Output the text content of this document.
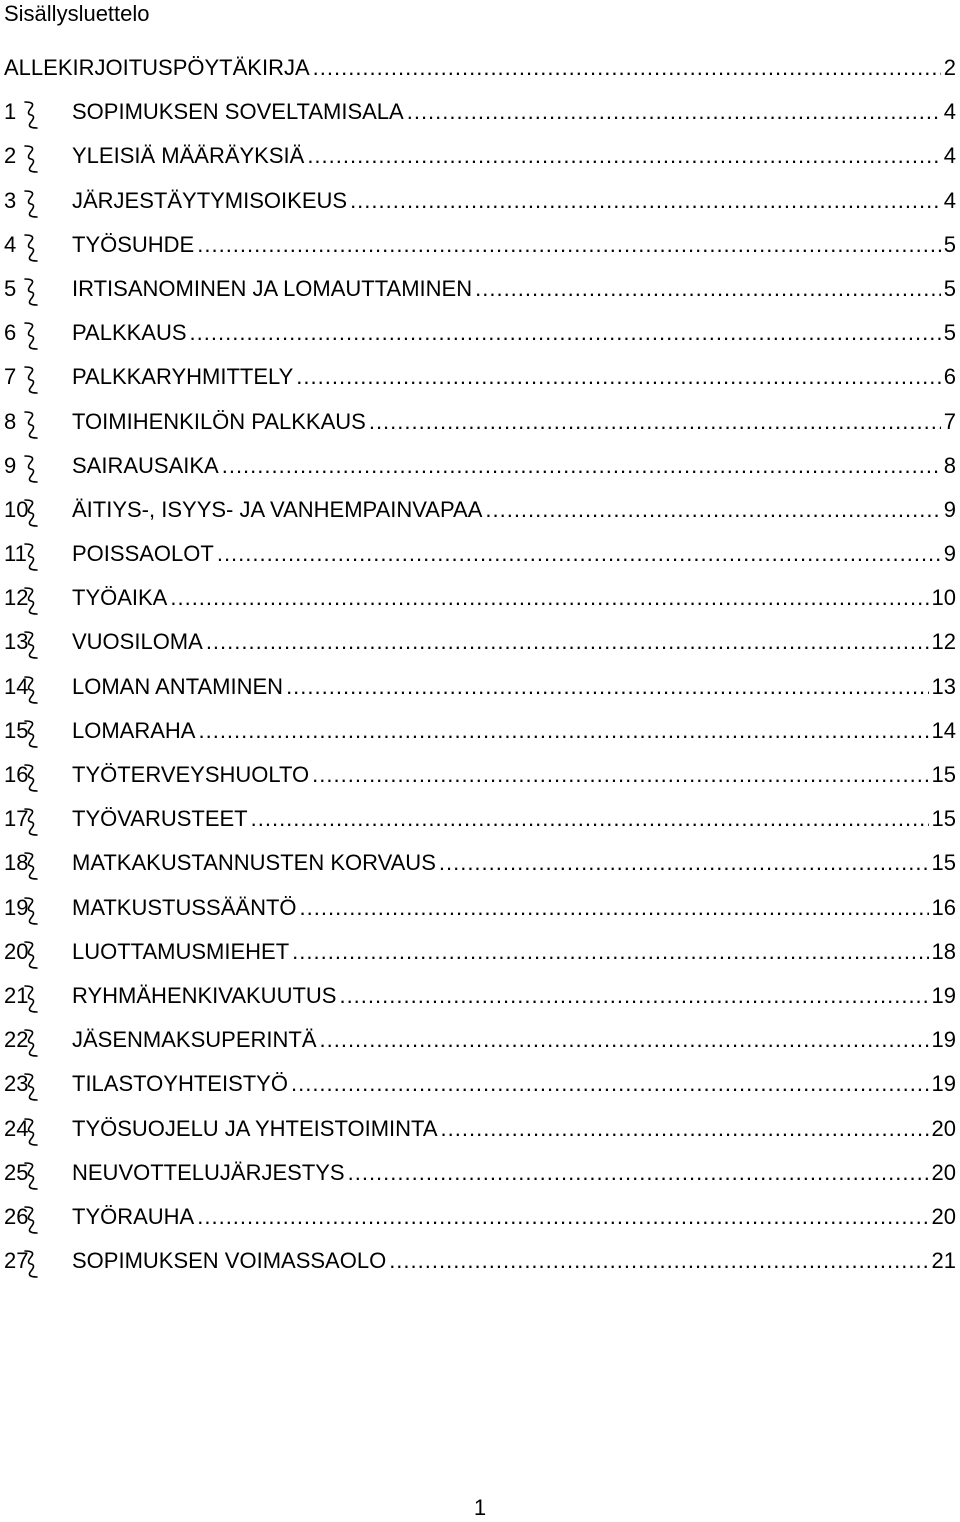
Sisällysluettelo
ALLEKIRJOITUSPÖYTÄKIRJA .....	2
1	SOPIMUKSEN SOVELTAMISALA .....	4
2	YLEISIÄ MÄÄRÄYKSIÄ .....	4
3	JÄRJESTÄYTYMISOIKEUS .....	4
4	TYÖSUHDE .....	5
5	IRTISANOMINEN JA LOMAUTTAMINEN .....	5
6	PALKKAUS .....	5
7	PALKKARYHMITTELY .....	6
8	TOIMIHENKILÖN PALKKAUS .....	7
9	SAIRAUSAIKA .....	8
10 ÄITIYS-, ISYYS- JA VANHEMPAINVAPAA .....	9
11 POISSAOLOT .....	9
12 TYÖAIKA .....	10
13 VUOSILOMA .....	12
14 LOMAN ANTAMINEN .....	13
15 LOMARAHA .....	14
16 TYÖTERVEYSHUOLTO .....	15
17 TYÖVARUSTEET .....	15
18 MATKAKUSTANNUSTEN KORVAUS .....	15
19 MATKUSTUSSÄÄNTÖ .....	16
20 LUOTTAMUSMIEHET .....	18
21 RYHMÄHENKIVAKUUTUS .....	19
22 JÄSENMAKSUPERINTÄ .....	19
23 TILASTOYHTEISTYÖ .....	19
24 TYÖSUOJELU JA YHTEISTOIMINTA .....	20
25 NEUVOTTELUJÄRJESTYS .....	20
26 TYÖRAUHA .....	20
27 SOPIMUKSEN VOIMASSAOLO .....	21
1
